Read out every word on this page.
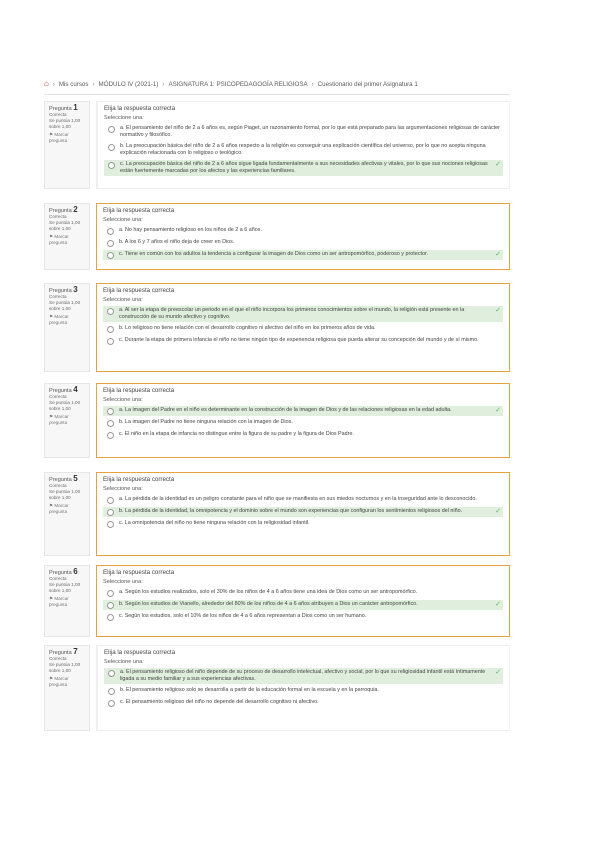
⌂ › Mis cursos › MÓDULO IV (2021-1) › ASIGNATURA 1: PSICOPEDAGOGÍA RELIGIOSA › Cuestionario del primer Asignatura 1
Pregunta 1
Correcta
Se puntúa 1,00 sobre 1,00
⚑ Marcar pregunta
Elija la respuesta correcta
Seleccione una:
a. El pensamiento del niño de 2 a 6 años es, según Piaget, un razonamiento formal, por lo que está preparado para las argumentaciones religiosas de carácter normativo y filosófico.
b. La preocupación básica del niño de 2 a 6 años respecto a la religión es conseguir una explicación científica del universo, por lo que no acepta ninguna explicación relacionada con lo religioso o teológico.
c. La preocupación básica del niño de 2 a 6 años sigue ligada fundamentalmente a sus necesidades afectivas y vitales, por lo que sus nociones religiosas están fuertemente marcadas por los afectos y las experiencias familiares.
✓
Pregunta 2
Correcta
Se puntúa 1,00 sobre 1,00
⚑ Marcar pregunta
Elija la respuesta correcta
Seleccione una:
a. No hay pensamiento religioso en los niños de 2 a 6 años.
b. A los 6 y 7 años el niño deja de creer en Dios.
c. Tiene en común con los adultos la tendencia a configurar la imagen de Dios como un ser antropomórfico, poderoso y protector.	✓
Pregunta 3
Correcta
Se puntúa 1,00 sobre 1,00
⚑ Marcar pregunta
Elija la respuesta correcta
Seleccione una:
a. Al ser la etapa de preescolar un periodo en el que el niño incorpora los primeros conocimientos sobre el mundo, la religión está presente en la construcción de su mundo afectivo y cognitivo.
✓
b. Lo religioso no tiene relación con el desarrollo cognitivo ni afectivo del niño en los primeros años de vida.
c. Durante la etapa de primera infancia el niño no tiene ningún tipo de experiencia religiosa que pueda alterar su concepción del mundo y de sí mismo.
Pregunta 4
Correcta
Se puntúa 1,00 sobre 1,00
⚑ Marcar pregunta
Elija la respuesta correcta
Seleccione una:
a. La imagen del Padre en el niño es determinante en la construcción de la imagen de Dios y de las relaciones religiosas en la edad adulta.	✓
b. La imagen del Padre no tiene ninguna relación con la imagen de Dios.
c. El niño en la etapa de infancia no distingue entre la figura de su padre y la figura de Dios Padre.
Pregunta 5
Correcta
Se puntúa 1,00 sobre 1,00
⚑ Marcar pregunta
Elija la respuesta correcta
Seleccione una:
a. La pérdida de la identidad es un peligro constante para el niño que se manifiesta en sus miedos nocturnos y en la inseguridad ante lo desconocido.
b. La pérdida de la identidad, la omnipotencia y el dominio sobre el mundo son experiencias que configuran los sentimientos religiosos del niño.	✓
c. La omnipotencia del niño no tiene ninguna relación con la religiosidad infantil.
Pregunta 6
Correcta
Se puntúa 1,00 sobre 1,00
⚑ Marcar pregunta
Elija la respuesta correcta
Seleccione una:
a. Según los estudios realizados, solo el 30% de los niños de 4 a 6 años tiene una idea de Dios como un ser antropomórfico.
b. Según los estudios de Vianello, alrededor del 80% de los niños de 4 a 6 años atribuyen a Dios un carácter antropomórfico.	✓
c. Según los estudios, solo el 10% de los niños de 4 a 6 años representan a Dios como un ser humano.
Pregunta 7
Correcta
Se puntúa 1,00 sobre 1,00
⚑ Marcar pregunta
Elija la respuesta correcta
Seleccione una:
a. El pensamiento religioso del niño depende de su proceso de desarrollo intelectual, afectivo y social, por lo que su religiosidad infantil está íntimamente ligada a su medio familiar y a sus experiencias afectivas.
✓
b. El pensamiento religioso solo se desarrolla a partir de la educación formal en la escuela y en la parroquia.
c. El pensamiento religioso del niño no depende del desarrollo cognitivo ni afectivo.
